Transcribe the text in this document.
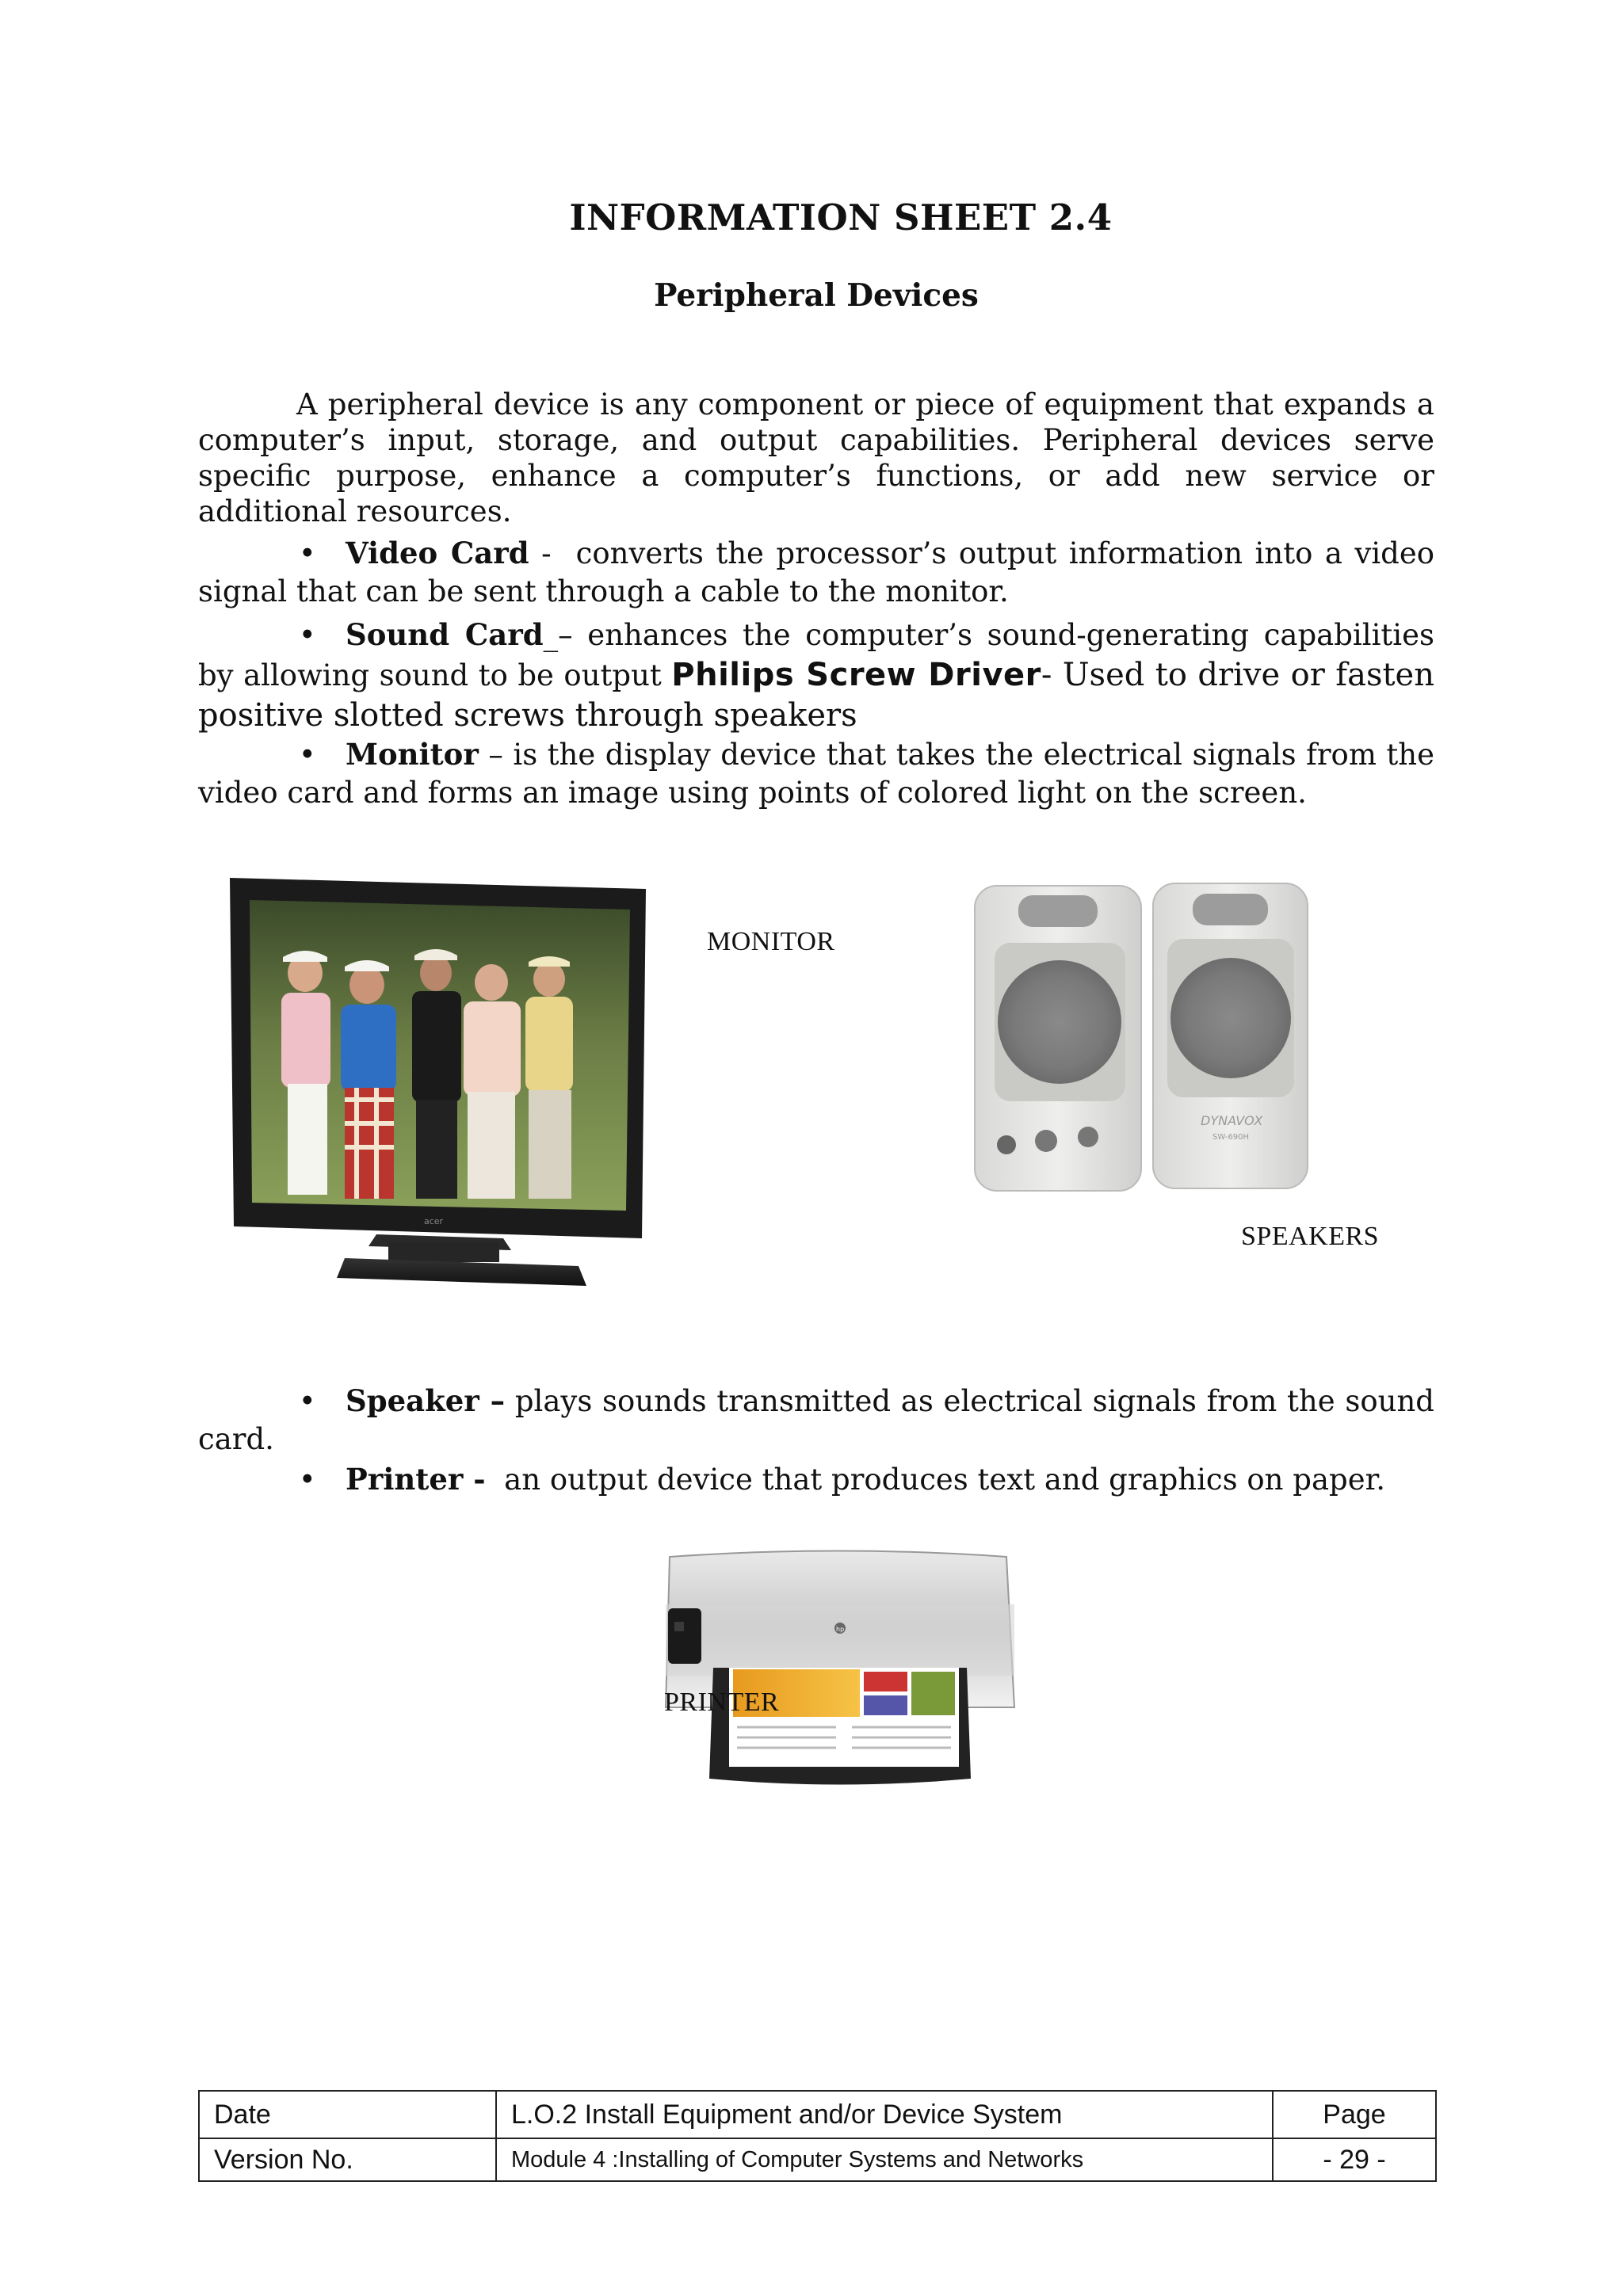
INFORMATION SHEET 2.4
Peripheral Devices
A peripheral device is any component or piece of equipment that expands a computer’s input, storage, and output capabilities. Peripheral devices serve specific purpose, enhance a computer’s functions, or add new service or additional resources.
•   Video Card -  converts the processor’s output information into a video signal that can be sent through a cable to the monitor.
•   Sound Card_– enhances the computer’s sound-generating capabilities by allowing sound to be output Philips Screw Driver- Used to drive or fasten positive slotted screws through speakers
•   Monitor – is the display device that takes the electrical signals from the video card and forms an image using points of colored light on the screen.
acer
MONITOR
DYNAVOX
SW-690H
SPEAKERS
•   Speaker – plays sounds transmitted as electrical signals from the sound card.
•   Printer - an output device that produces text and graphics on paper.
hp
PRINTER
Date	L.O.2 Install Equipment and/or Device System	Page
Version No.	Module 4 :Installing of Computer Systems and Networks	- 29 -
